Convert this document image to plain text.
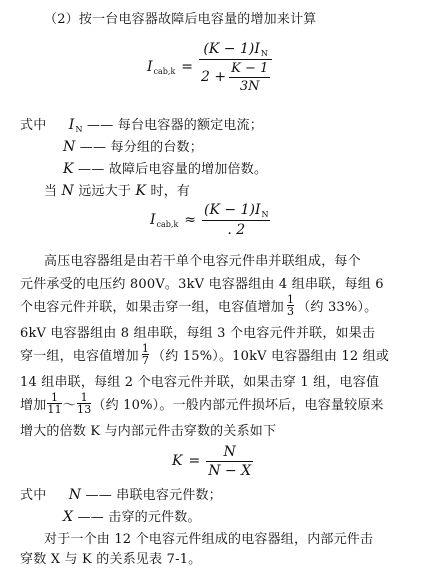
（2）按一台电容器故障后电容量的增加来计算
$I_{cab,k} = \frac{(K - 1)I_N}{2 + \frac{K - 1}{3N}}$
式中 $I_N$ —— 每台电容器的额定电流；
N —— 每分组的台数；
K —— 故障后电容量的增加倍数。
当 N 远远大于 K 时，有
$I_{cab,k} \approx \frac{(K - 1)I_N}{. 2}$
高压电容器组是由若干单个电容元件串并联组成，每个
元件承受的电压约 800V。3kV 电容器组由 4 组串联，每组 6
个电容元件并联，如果击穿一组，电容值增加
1
3 （约 33%）。
6kV 电容器组由 8 组串联，每组 3 个电容元件并联，如果击
穿一组，电容值增加
1
7 （约 15%）。10kV 电容器组由 12 组或
14 组串联，每组 2 个电容元件并联，如果击穿 1 组，电容值
增加
1
11 ～
1
13 （约 10%）。一般内部元件损坏后，电容量较原来
增大的倍数 K 与内部元件击穿数的关系如下
$K = \frac{N}{N - X}$
式中 N —— 串联电容元件数；
X —— 击穿的元件数。
对于一个由 12 个电容元件组成的电容器组，内部元件击
穿数 X 与 K 的关系见表 7-1。
